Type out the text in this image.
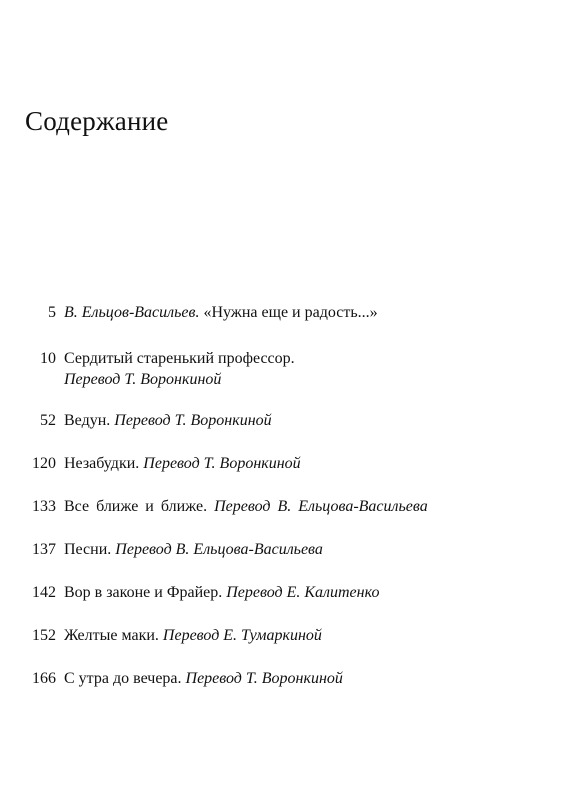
Содержание
5 В. Ельцов-Васильев. «Нужна еще и радость...»
10 Сердитый старенький профессор.
Перевод Т. Воронкиной
52 Ведун. Перевод Т. Воронкиной
120 Незабудки. Перевод Т. Воронкиной
133 Все ближе и ближе. Перевод В. Ельцова-Васильева
137 Песни. Перевод В. Ельцова-Васильева
142 Вор в законе и Фрайер. Перевод Е. Калитенко
152 Желтые маки. Перевод Е. Тумаркиной
166 С утра до вечера. Перевод Т. Воронкиной
